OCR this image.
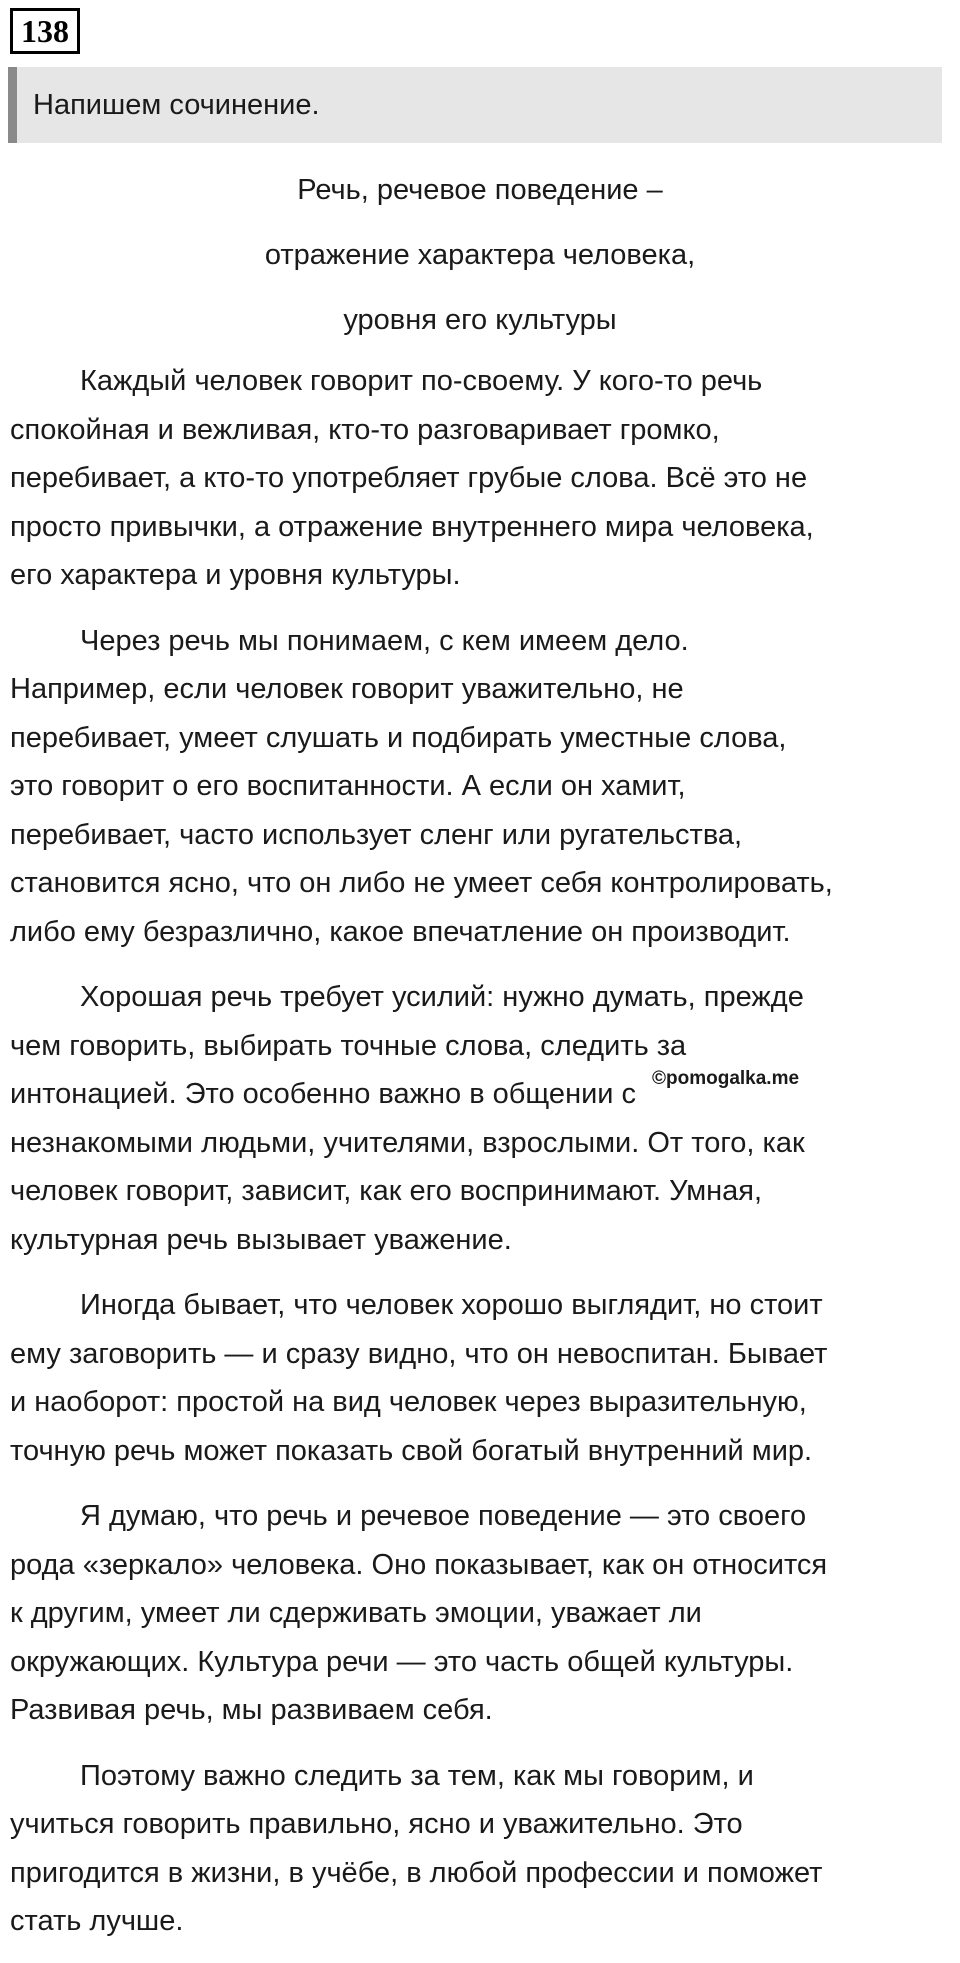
138
Напишем сочинение.
Речь, речевое поведение –
отражение характера человека,
уровня его культуры

Каждый человек говорит по-своему. У кого-то речь
спокойная и вежливая, кто-то разговаривает громко,
перебивает, а кто-то употребляет грубые слова. Всё это не
просто привычки, а отражение внутреннего мира человека,
его характера и уровня культуры.

Через речь мы понимаем, с кем имеем дело.
Например, если человек говорит уважительно, не
перебивает, умеет слушать и подбирать уместные слова,
это говорит о его воспитанности. А если он хамит,
перебивает, часто использует сленг или ругательства,
становится ясно, что он либо не умеет себя контролировать,
либо ему безразлично, какое впечатление он производит.

Хорошая речь требует усилий: нужно думать, прежде
чем говорить, выбирать точные слова, следить за
интонацией. Это особенно важно в общении с
незнакомыми людьми, учителями, взрослыми. От того, как
человек говорит, зависит, как его воспринимают. Умная,
культурная речь вызывает уважение.

Иногда бывает, что человек хорошо выглядит, но стоит
ему заговорить — и сразу видно, что он невоспитан. Бывает
и наоборот: простой на вид человек через выразительную,
точную речь может показать свой богатый внутренний мир.

Я думаю, что речь и речевое поведение — это своего
рода «зеркало» человека. Оно показывает, как он относится
к другим, умеет ли сдерживать эмоции, уважает ли
окружающих. Культура речи — это часть общей культуры.
Развивая речь, мы развиваем себя.

Поэтому важно следить за тем, как мы говорим, и
учиться говорить правильно, ясно и уважительно. Это
пригодится в жизни, в учёбе, в любой профессии и поможет
стать лучше.

©pomogalka.me
